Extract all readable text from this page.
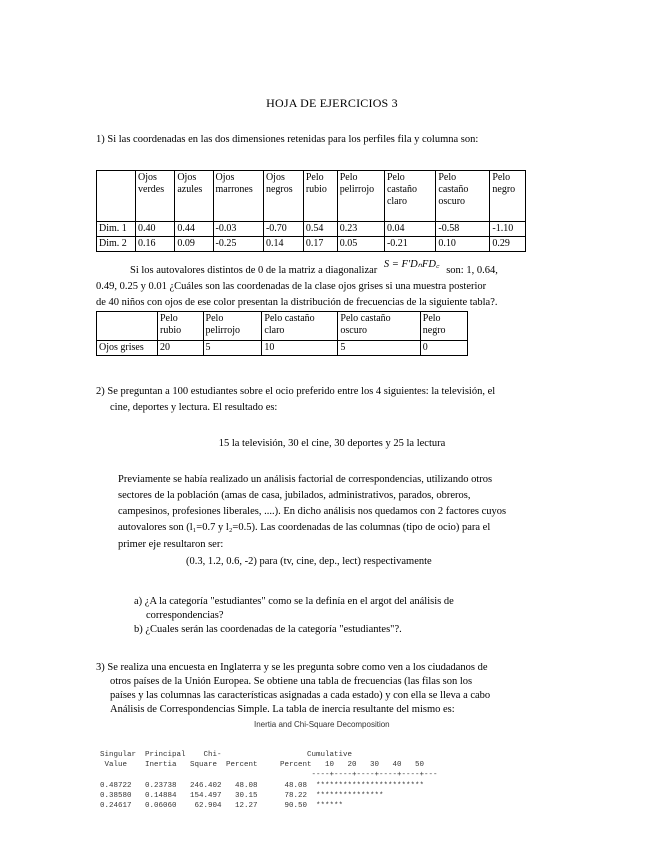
HOJA DE EJERCICIOS 3

1) Si las coordenadas en las dos dimensiones retenidas para los perfiles fila y columna son:

	Ojos verdes	Ojos azules	Ojos marrones	Ojos negros	Pelo rubio	Pelo pelirrojo	Pelo castaño claro	Pelo castaño oscuro	Pelo negro
Dim. 1	0.40	0.44	-0.03	-0.70	0.54	0.23	0.04	-0.58	-1.10
Dim. 2	0.16	0.09	-0.25	0.14	0.17	0.05	-0.21	0.10	0.29

Si los autovalores distintos de 0 de la matriz a diagonalizar S = F'DₙFD꜀ son: 1, 0.64,

0.49, 0.25 y 0.01 ¿Cuáles son las coordenadas de la clase ojos grises si una muestra posterior

de 40 niños con ojos de ese color presentan la distribución de frecuencias de la siguiente tabla?.

	Pelo rubio	Pelo pelirrojo	Pelo castaño claro	Pelo castaño oscuro	Pelo negro
Ojos grises	20	5	10	5	0

2) Se preguntan a 100 estudiantes sobre el ocio preferido entre los 4 siguientes: la televisión, el

cine, deportes y lectura. El resultado es:

15 la televisión, 30 el cine, 30 deportes y 25 la lectura

Previamente se había realizado un análisis factorial de correspondencias, utilizando otros

sectores de la población (amas de casa, jubilados, administrativos, parados, obreros,

campesinos, profesiones liberales, ....). En dicho análisis nos quedamos con 2 factores cuyos

autovalores son (l₁=0.7 y l₂=0.5). Las coordenadas de las columnas (tipo de ocio) para el

primer eje resultaron ser:

(0.3, 1.2, 0.6, -2) para (tv, cine, dep., lect) respectivamente

a) ¿A la categoría "estudiantes" como se la definía en el argot del análisis de

correspondencias?

b) ¿Cuales serán las coordenadas de la categoría "estudiantes"?.

3) Se realiza una encuesta en Inglaterra y se les pregunta sobre como ven a los ciudadanos de

otros países de la Unión Europea. Se obtiene una tabla de frecuencias (las filas son los

países y las columnas las características asignadas a cada estado) y con ella se lleva a cabo

Análisis de Correspondencias Simple. La tabla de inercia resultante del mismo es:

Inertia and Chi-Square Decomposition
Singular  Principal    Chi-                   Cumulative
Value    Inertia   Square  Percent     Percent   10   20   30   40   50
----+----+----+----+----+---
0.48722   0.23738   246.402   48.08      48.08  ************************
0.38580   0.14884   154.497   30.15      78.22  ***************
0.24617   0.06060    62.904   12.27      90.50  ******
